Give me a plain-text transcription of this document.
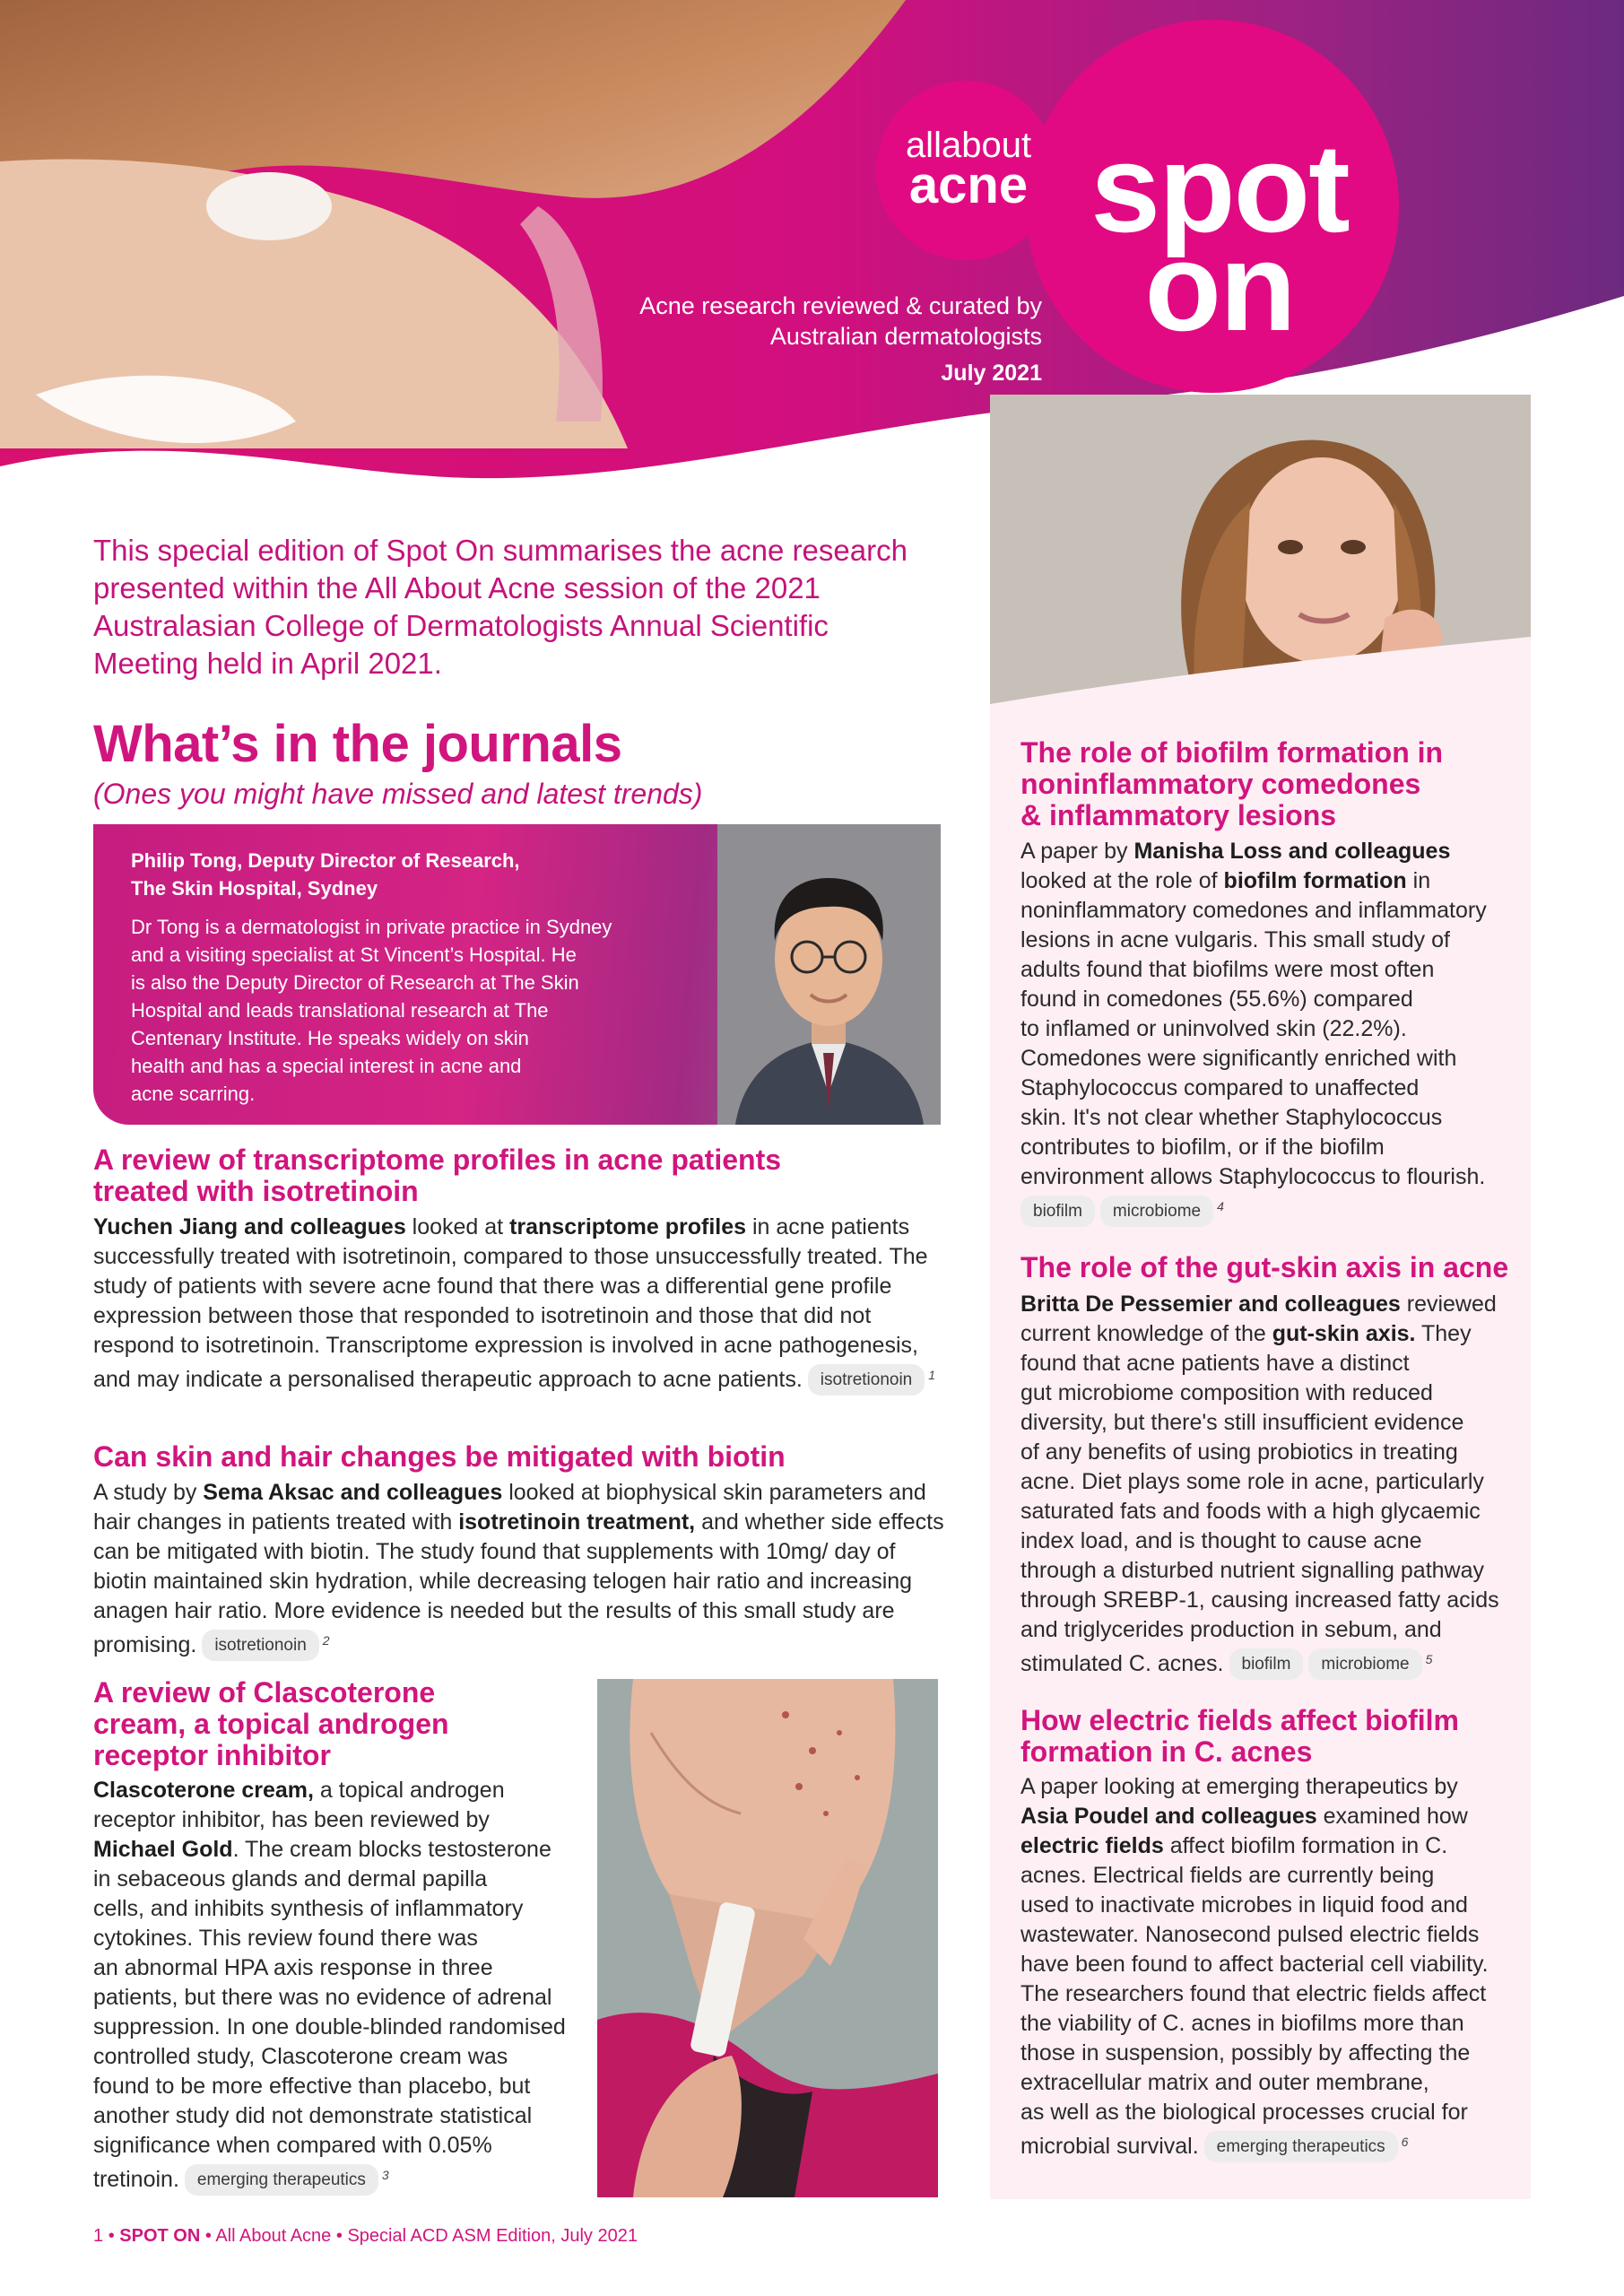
allabout
acne spot
on
Acne research reviewed & curated by
Australian dermatologists
July 2021
This special edition of Spot On summarises the acne research
presented within the All About Acne session of the 2021
Australasian College of Dermatologists Annual Scientific
Meeting held in April 2021.
What’s in the journals
(Ones you might have missed and latest trends)
Philip Tong, Deputy Director of Research,
The Skin Hospital, Sydney
Dr Tong is a dermatologist in private practice in Sydney
and a visiting specialist at St Vincent’s Hospital. He
is also the Deputy Director of Research at The Skin
Hospital and leads translational research at The
Centenary Institute. He speaks widely on skin
health and has a special interest in acne and
acne scarring.
A review of transcriptome profiles in acne patients
treated with isotretinoin
Yuchen Jiang and colleagues looked at transcriptome profiles in acne patients successfully treated with isotretinoin, compared to those unsuccessfully treated. The study of patients with severe acne found that there was a differential gene profile expression between those that responded to isotretinoin and those that did not respond to isotretinoin. Transcriptome expression is involved in acne pathogenesis, and may indicate a personalised therapeutic approach to acne patients. isotretionoin $^1$
Can skin and hair changes be mitigated with biotin
A study by Sema Aksac and colleagues looked at biophysical skin parameters and hair changes in patients treated with isotretinoin treatment, and whether side effects can be mitigated with biotin. The study found that supplements with 10mg/ day of biotin maintained skin hydration, while decreasing telogen hair ratio and increasing anagen hair ratio. More evidence is needed but the results of this small study are promising. isotretionoin $^2$
A review of Clascoterone
cream, a topical androgen
receptor inhibitor
Clascoterone cream, a topical androgen
receptor inhibitor, has been reviewed by
Michael Gold. The cream blocks testosterone
in sebaceous glands and dermal papilla
cells, and inhibits synthesis of inflammatory
cytokines. This review found there was
an abnormal HPA axis response in three
patients, but there was no evidence of adrenal
suppression. In one double-blinded randomised
controlled study, Clascoterone cream was
found to be more effective than placebo, but
another study did not demonstrate statistical
significance when compared with 0.05%
tretinoin. emerging therapeutics $^3$
The role of biofilm formation in
noninflammatory comedones
& inflammatory lesions
A paper by Manisha Loss and colleagues
looked at the role of biofilm formation in
noninflammatory comedones and inflammatory
lesions in acne vulgaris. This small study of
adults found that biofilms were most often
found in comedones (55.6%) compared
to inflamed or uninvolved skin (22.2%).
Comedones were significantly enriched with
Staphylococcus compared to unaffected
skin. It's not clear whether Staphylococcus
contributes to biofilm, or if the biofilm
environment allows Staphylococcus to flourish.
biofilm microbiome $^4$
The role of the gut-skin axis in acne
Britta De Pessemier and colleagues reviewed
current knowledge of the gut-skin axis. They
found that acne patients have a distinct
gut microbiome composition with reduced
diversity, but there's still insufficient evidence
of any benefits of using probiotics in treating
acne. Diet plays some role in acne, particularly
saturated fats and foods with a high glycaemic
index load, and is thought to cause acne
through a disturbed nutrient signalling pathway
through SREBP-1, causing increased fatty acids
and triglycerides production in sebum, and
stimulated C. acnes. biofilm microbiome $^5$
How electric fields affect biofilm
formation in C. acnes
A paper looking at emerging therapeutics by
Asia Poudel and colleagues examined how
electric fields affect biofilm formation in C.
acnes. Electrical fields are currently being
used to inactivate microbes in liquid food and
wastewater. Nanosecond pulsed electric fields
have been found to affect bacterial cell viability.
The researchers found that electric fields affect
the viability of C. acnes in biofilms more than
those in suspension, possibly by affecting the
extracellular matrix and outer membrane,
as well as the biological processes crucial for
microbial survival. emerging therapeutics $^6$
1 • SPOT ON • All About Acne • Special ACD ASM Edition, July 2021
